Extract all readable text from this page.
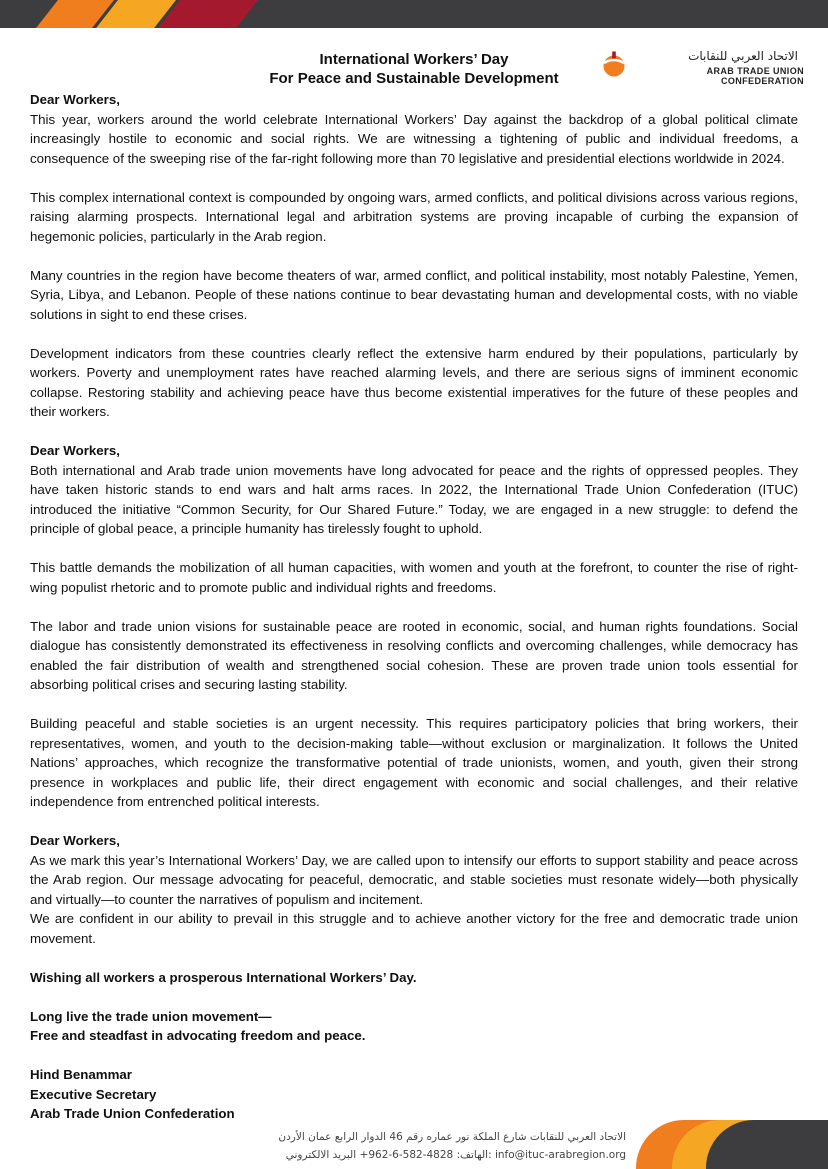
International Workers’ Day
For Peace and Sustainable Development
الاتحاد العربي للنقابات
ARAB TRADE UNION CONFEDERATION

Dear Workers,

This year, workers around the world celebrate International Workers’ Day against the backdrop of a global political climate increasingly hostile to economic and social rights. We are witnessing a tightening of public and individual freedoms, a consequence of the sweeping rise of the far-right following more than 70 legislative and presidential elections worldwide in 2024.

This complex international context is compounded by ongoing wars, armed conflicts, and political divisions across various regions, raising alarming prospects. International legal and arbitration systems are proving incapable of curbing the expansion of hegemonic policies, particularly in the Arab region.

Many countries in the region have become theaters of war, armed conflict, and political instability, most notably Palestine, Yemen, Syria, Libya, and Lebanon. People of these nations continue to bear devastating human and developmental costs, with no viable solutions in sight to end these crises.

Development indicators from these countries clearly reflect the extensive harm endured by their populations, particularly by workers. Poverty and unemployment rates have reached alarming levels, and there are serious signs of imminent economic collapse. Restoring stability and achieving peace have thus become existential imperatives for the future of these peoples and their workers.

Dear Workers,

Both international and Arab trade union movements have long advocated for peace and the rights of oppressed peoples. They have taken historic stands to end wars and halt arms races. In 2022, the International Trade Union Confederation (ITUC) introduced the initiative “Common Security, for Our Shared Future.” Today, we are engaged in a new struggle: to defend the principle of global peace, a principle humanity has tirelessly fought to uphold.

This battle demands the mobilization of all human capacities, with women and youth at the forefront, to counter the rise of right-wing populist rhetoric and to promote public and individual rights and freedoms.

The labor and trade union visions for sustainable peace are rooted in economic, social, and human rights foundations. Social dialogue has consistently demonstrated its effectiveness in resolving conflicts and overcoming challenges, while democracy has enabled the fair distribution of wealth and strengthened social cohesion. These are proven trade union tools essential for absorbing political crises and securing lasting stability.

Building peaceful and stable societies is an urgent necessity. This requires participatory policies that bring workers, their representatives, women, and youth to the decision-making table—without exclusion or marginalization. It follows the United Nations’ approaches, which recognize the transformative potential of trade unionists, women, and youth, given their strong presence in workplaces and public life, their direct engagement with economic and social challenges, and their relative independence from entrenched political interests.

Dear Workers,

As we mark this year’s International Workers’ Day, we are called upon to intensify our efforts to support stability and peace across the Arab region. Our message advocating for peaceful, democratic, and stable societies must resonate widely—both physically and virtually—to counter the narratives of populism and incitement.

We are confident in our ability to prevail in this struggle and to achieve another victory for the free and democratic trade union movement.

Wishing all workers a prosperous International Workers’ Day.

Long live the trade union movement—

Free and steadfast in advocating freedom and peace.

Hind Benammar

Executive Secretary

Arab Trade Union Confederation

الاتحاد العربي للنقابات شارع الملكة نور عماره رقم 46 الدوار الرابع عمان الأردن
الهاتف: 4828-582-6-962+ البريد الالكتروني: info@ituc-arabregion.org
